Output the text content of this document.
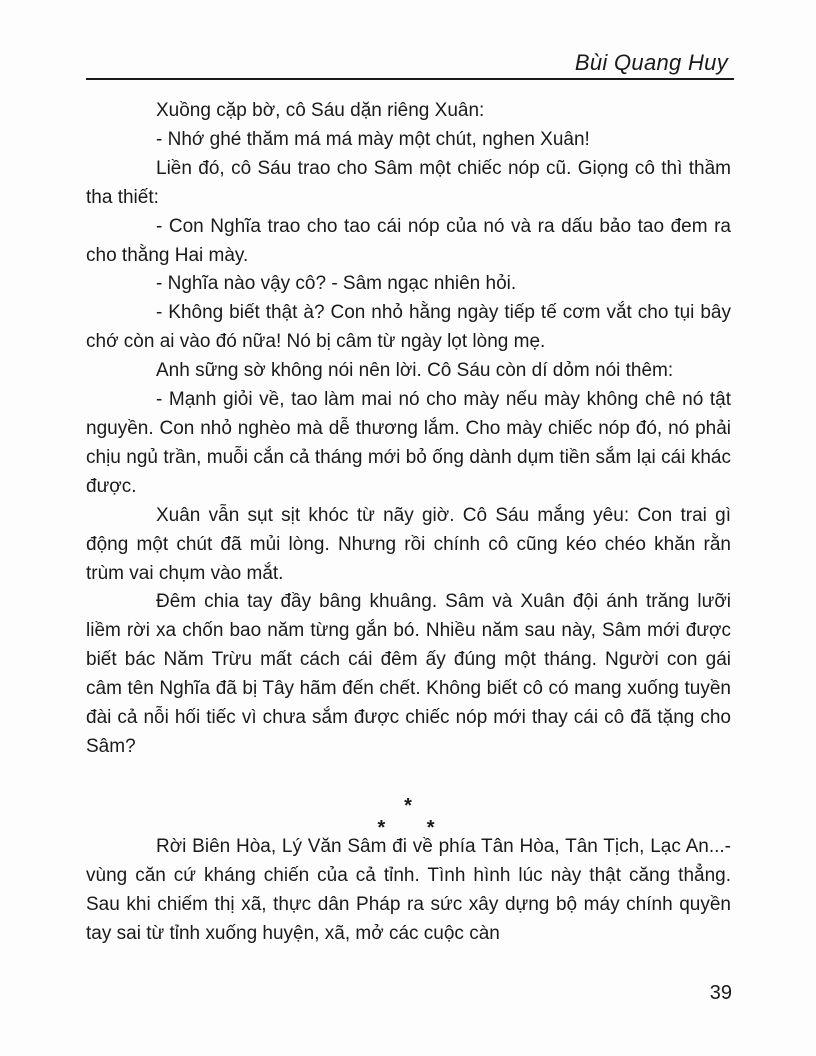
Bùi Quang Huy

Xuồng cặp bờ, cô Sáu dặn riêng Xuân:

- Nhớ ghé thăm má má mày một chút, nghen Xuân!

Liền đó, cô Sáu trao cho Sâm một chiếc nóp cũ. Giọng cô thì thầm tha thiết:

- Con Nghĩa trao cho tao cái nóp của nó và ra dấu bảo tao đem ra cho thằng Hai mày.

- Nghĩa nào vậy cô? - Sâm ngạc nhiên hỏi.

- Không biết thật à? Con nhỏ hằng ngày tiếp tế cơm vắt cho tụi bây chớ còn ai vào đó nữa! Nó bị câm từ ngày lọt lòng mẹ.

Anh sững sờ không nói nên lời. Cô Sáu còn dí dỏm nói thêm:

- Mạnh giỏi về, tao làm mai nó cho mày nếu mày không chê nó tật nguyền. Con nhỏ nghèo mà dễ thương lắm. Cho mày chiếc nóp đó, nó phải chịu ngủ trần, muỗi cắn cả tháng mới bỏ ống dành dụm tiền sắm lại cái khác được.

Xuân vẫn sụt sịt khóc từ nãy giờ. Cô Sáu mắng yêu: Con trai gì động một chút đã mủi lòng. Nhưng rồi chính cô cũng kéo chéo khăn rằn trùm vai chụm vào mắt.

Đêm chia tay đầy bâng khuâng. Sâm và Xuân đội ánh trăng lưỡi liềm rời xa chốn bao năm từng gắn bó. Nhiều năm sau này, Sâm mới được biết bác Năm Trừu mất cách cái đêm ấy đúng một tháng. Người con gái câm tên Nghĩa đã bị Tây hãm đến chết. Không biết cô có mang xuống tuyền đài cả nỗi hối tiếc vì chưa sắm được chiếc nóp mới thay cái cô đã tặng cho Sâm?

*
* *

Rời Biên Hòa, Lý Văn Sâm đi về phía Tân Hòa, Tân Tịch, Lạc An...- vùng căn cứ kháng chiến của cả tỉnh. Tình hình lúc này thật căng thẳng. Sau khi chiếm thị xã, thực dân Pháp ra sức xây dựng bộ máy chính quyền tay sai từ tỉnh xuống huyện, xã, mở các cuộc càn

39
